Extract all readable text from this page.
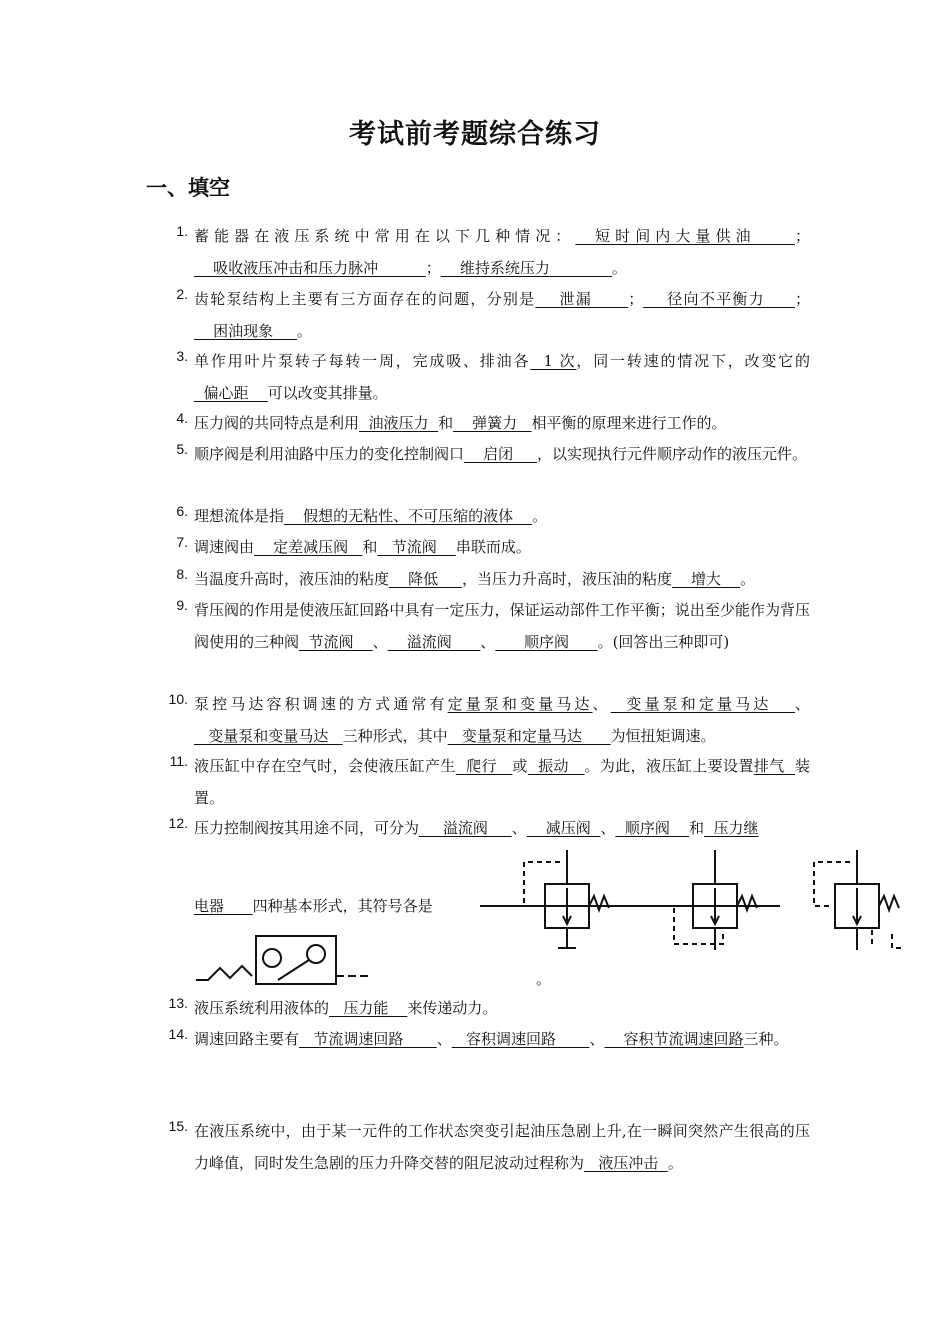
考试前考题综合练习
一、填空
1. 蓄能器在液压系统中常用在以下几种情况：  短时间内大量供油    ；    吸收液压冲击和压力脉冲          ；    维持系统压力             。
2. 齿轮泵结构上主要有三方面存在的问题，分别是    泄漏      ；    径向不平衡力     ；    困油现象     。
3. 单作用叶片泵转子每转一周，完成吸、排油各  1 次，同一转速的情况下，改变它的  偏心距    可以改变其排量。
4. 压力阀的共同特点是利用  油液压力  和    弹簧力   相平衡的原理来进行工作的。
5. 顺序阀是利用油路中压力的变化控制阀口    启闭     ，以实现执行元件顺序动作的液压元件。
6. 理想流体是指    假想的无粘性、不可压缩的液体    。
7. 调速阀由    定差减压阀   和   节流阀    串联而成。
8. 当温度升高时，液压油的粘度    降低     ，当压力升高时，液压油的粘度    增大    。
9. 背压阀的作用是使液压缸回路中具有一定压力，保证运动部件工作平衡；说出至少能作为背压阀使用的三种阀  节流阀    、    溢流阀      、      顺序阀      。(回答出三种即可)
10. 泵控马达容积调速的方式通常有定量泵和变量马达、  变量泵和定量马达   、   变量泵和变量马达   三种形式，其中   变量泵和定量马达      为恒扭矩调速。
11. 液压缸中存在空气时，会使液压缸产生  爬行   或  振动   。为此，液压缸上要设置排气  装置。
12. 压力控制阀按其用途不同，可分为     溢流阀     、    减压阀  、  顺序阀    和  压力继
电器      四种基本形式，其符号各是
。
13. 液压系统利用液体的   压力能    来传递动力。
14. 调速回路主要有   节流调速回路       、   容积调速回路       、    容积节流调速回路三种。
15. 在液压系统中，由于某一元件的工作状态突变引起油压急剧上升,在一瞬间突然产生很高的压力峰值，同时发生急剧的压力升降交替的阻尼波动过程称为   液压冲击  。
